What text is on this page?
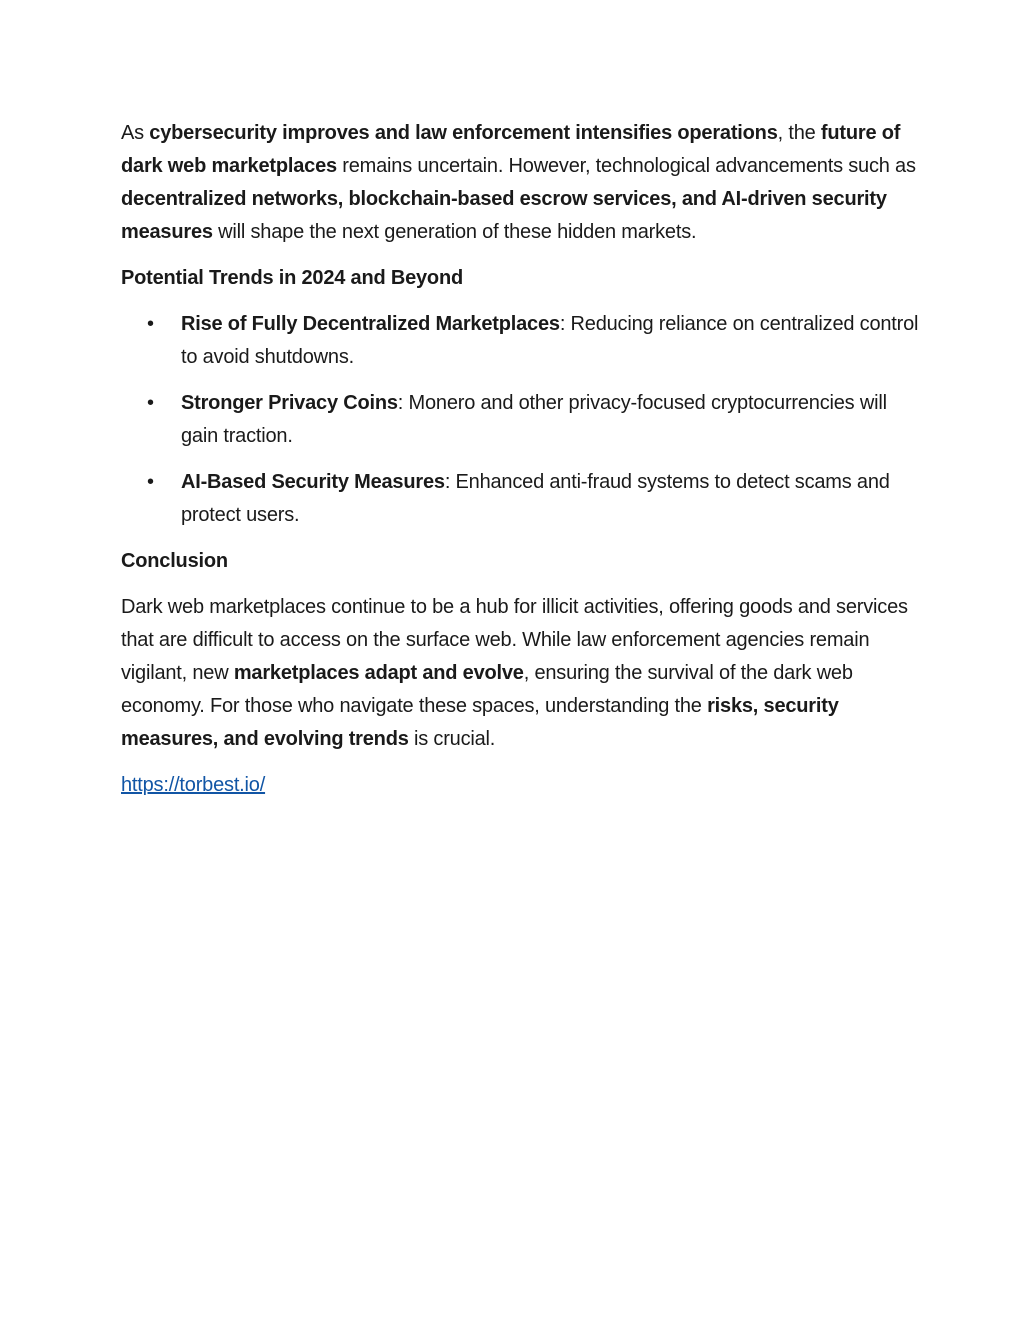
As cybersecurity improves and law enforcement intensifies operations, the future of dark web marketplaces remains uncertain. However, technological advancements such as decentralized networks, blockchain-based escrow services, and AI-driven security measures will shape the next generation of these hidden markets.

Potential Trends in 2024 and Beyond
• Rise of Fully Decentralized Marketplaces: Reducing reliance on centralized control to avoid shutdowns.
• Stronger Privacy Coins: Monero and other privacy-focused cryptocurrencies will gain traction.
• AI-Based Security Measures: Enhanced anti-fraud systems to detect scams and protect users.
Conclusion

Dark web marketplaces continue to be a hub for illicit activities, offering goods and services that are difficult to access on the surface web. While law enforcement agencies remain vigilant, new marketplaces adapt and evolve, ensuring the survival of the dark web economy. For those who navigate these spaces, understanding the risks, security measures, and evolving trends is crucial.

https://torbest.io/
